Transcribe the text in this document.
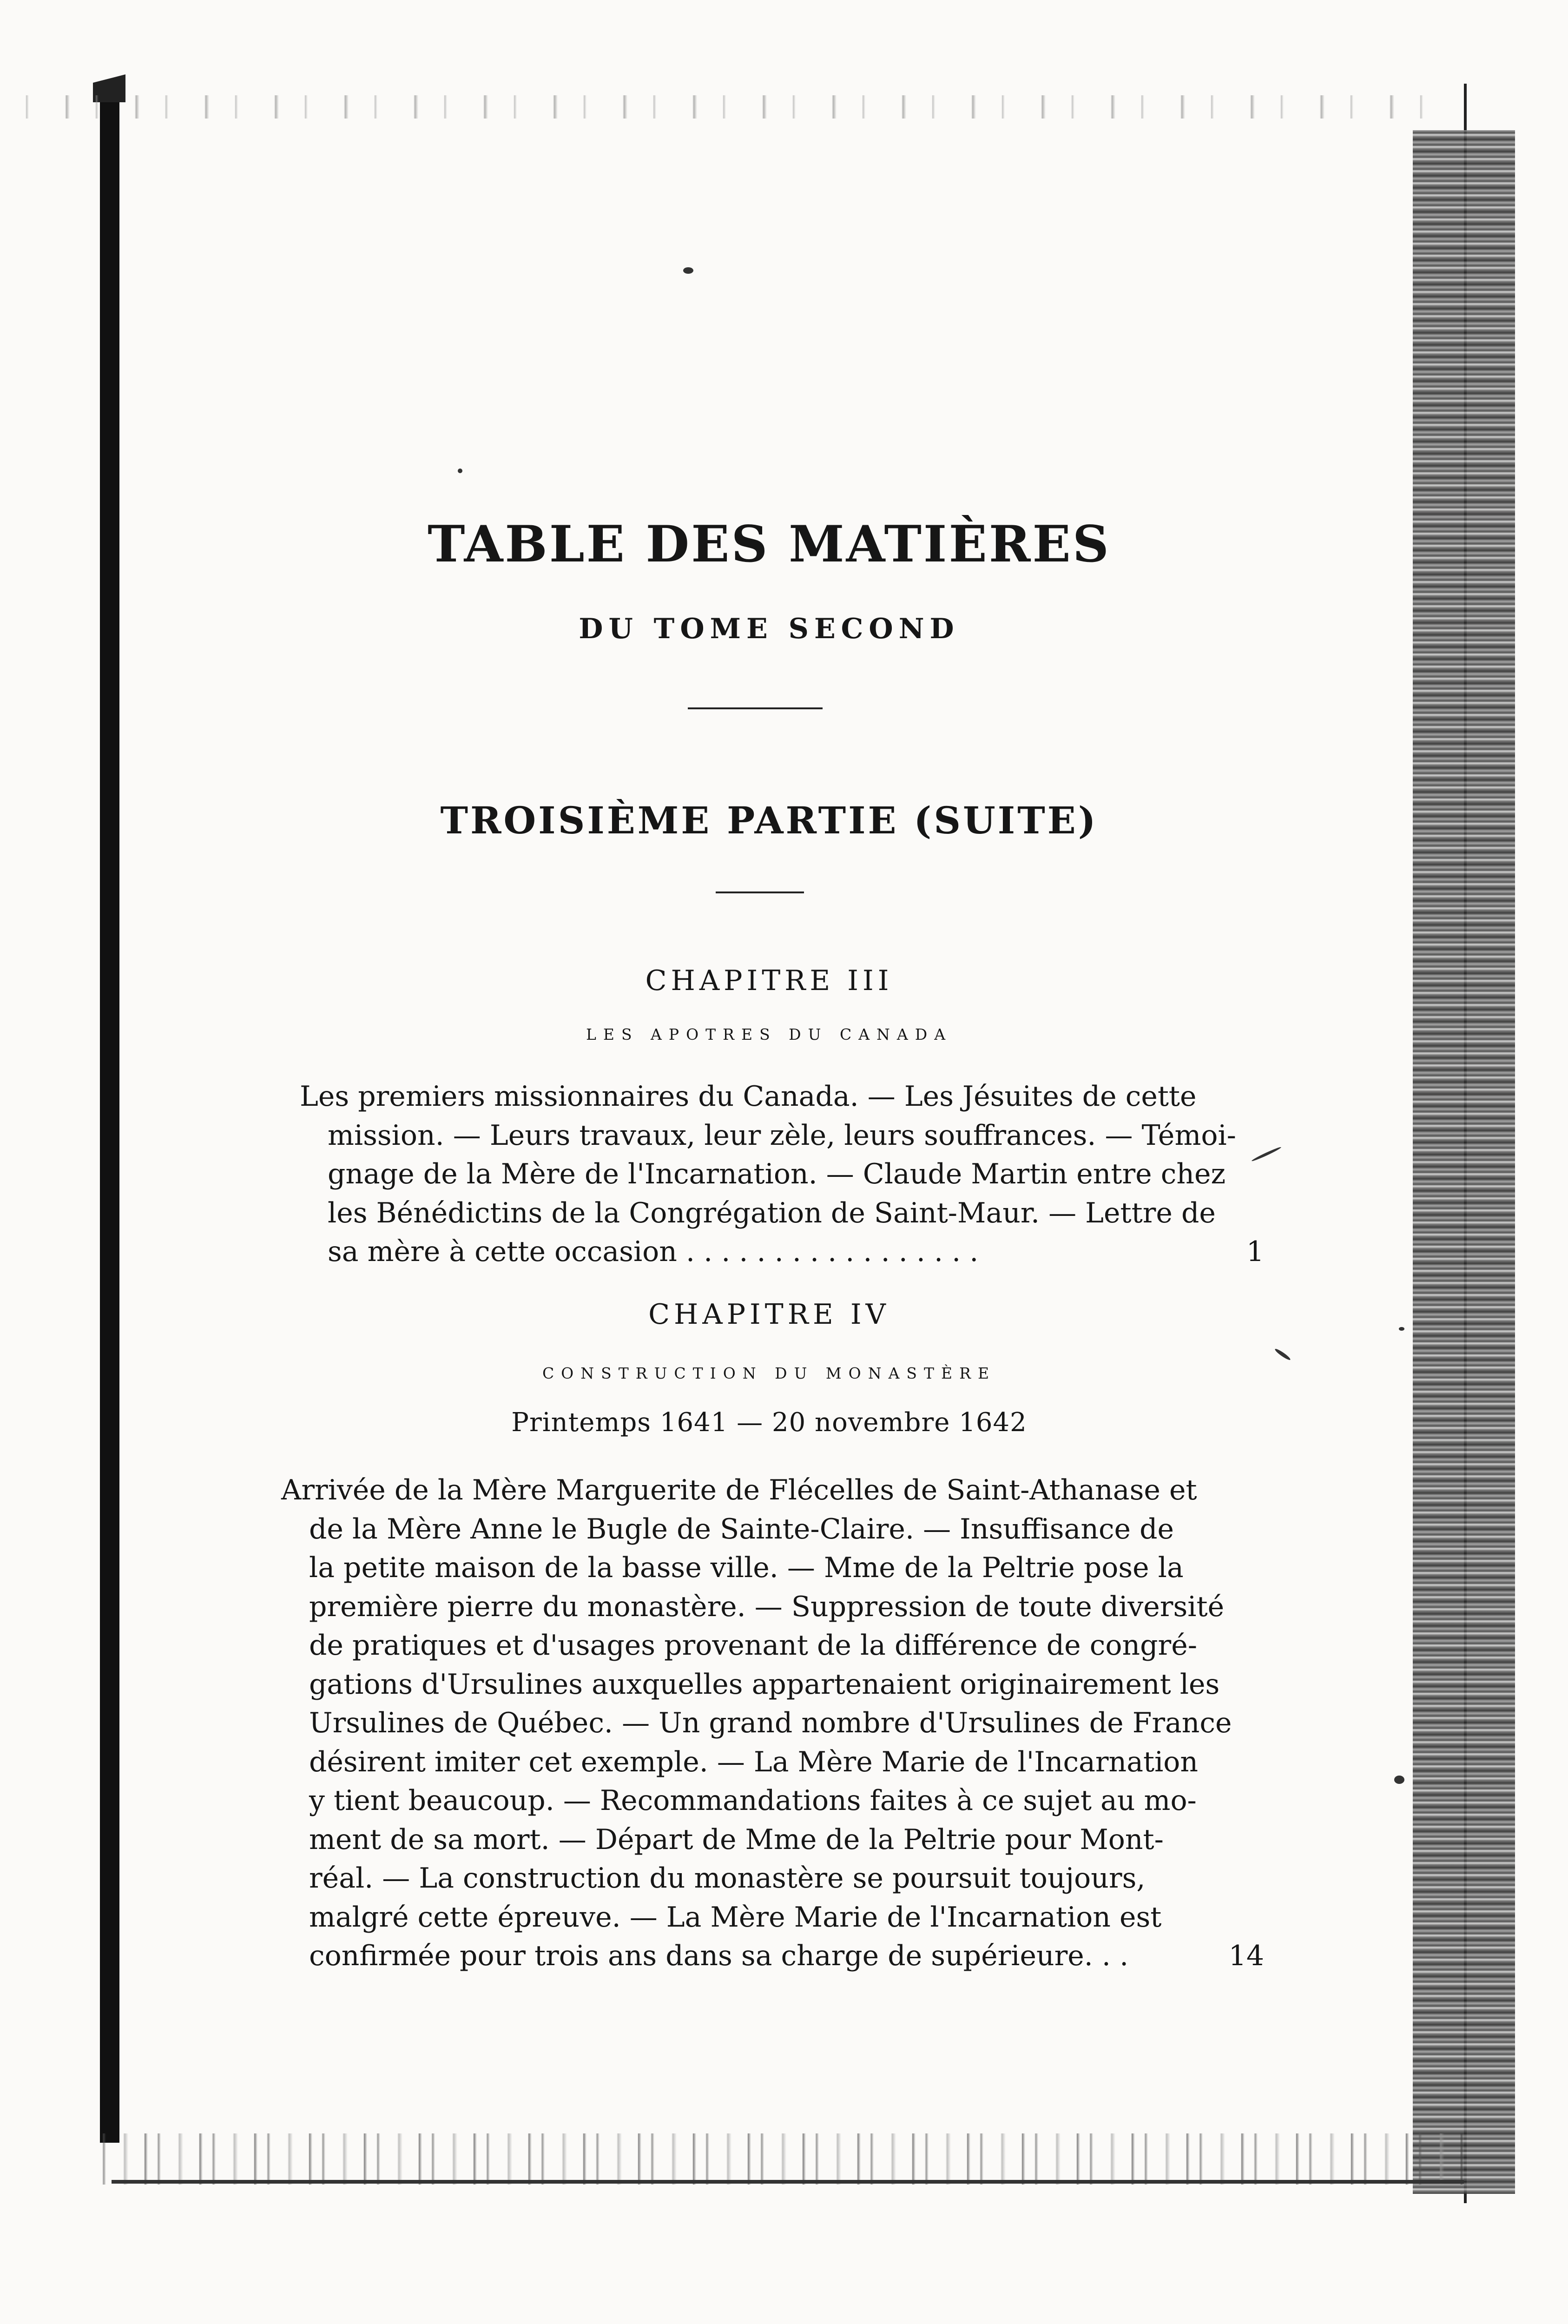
TABLE DES MATIÈRES
DU TOME SECOND
TROISIÈME PARTIE (SUITE)
CHAPITRE III
LES APOTRES DU CANADA
Les premiers missionnaires du Canada. — Les Jésuites de cette
mission. — Leurs travaux, leur zèle, leurs souffrances. — Témoi-
gnage de la Mère de l'Incarnation. — Claude Martin entre chez
les Bénédictins de la Congrégation de Saint-Maur. — Lettre de
sa mère à cette occasion . . . . . . . . . . . . . . . . .	1
CHAPITRE IV
CONSTRUCTION DU MONASTÈRE
Printemps 1641 — 20 novembre 1642
Arrivée de la Mère Marguerite de Flécelles de Saint-Athanase et
de la Mère Anne le Bugle de Sainte-Claire. — Insuffisance de
la petite maison de la basse ville. — Mme de la Peltrie pose la
première pierre du monastère. — Suppression de toute diversité
de pratiques et d'usages provenant de la différence de congré-
gations d'Ursulines auxquelles appartenaient originairement les
Ursulines de Québec. — Un grand nombre d'Ursulines de France
désirent imiter cet exemple. — La Mère Marie de l'Incarnation
y tient beaucoup. — Recommandations faites à ce sujet au mo-
ment de sa mort. — Départ de Mme de la Peltrie pour Mont-
réal. — La construction du monastère se poursuit toujours,
malgré cette épreuve. — La Mère Marie de l'Incarnation est
confirmée pour trois ans dans sa charge de supérieure. . .	14
